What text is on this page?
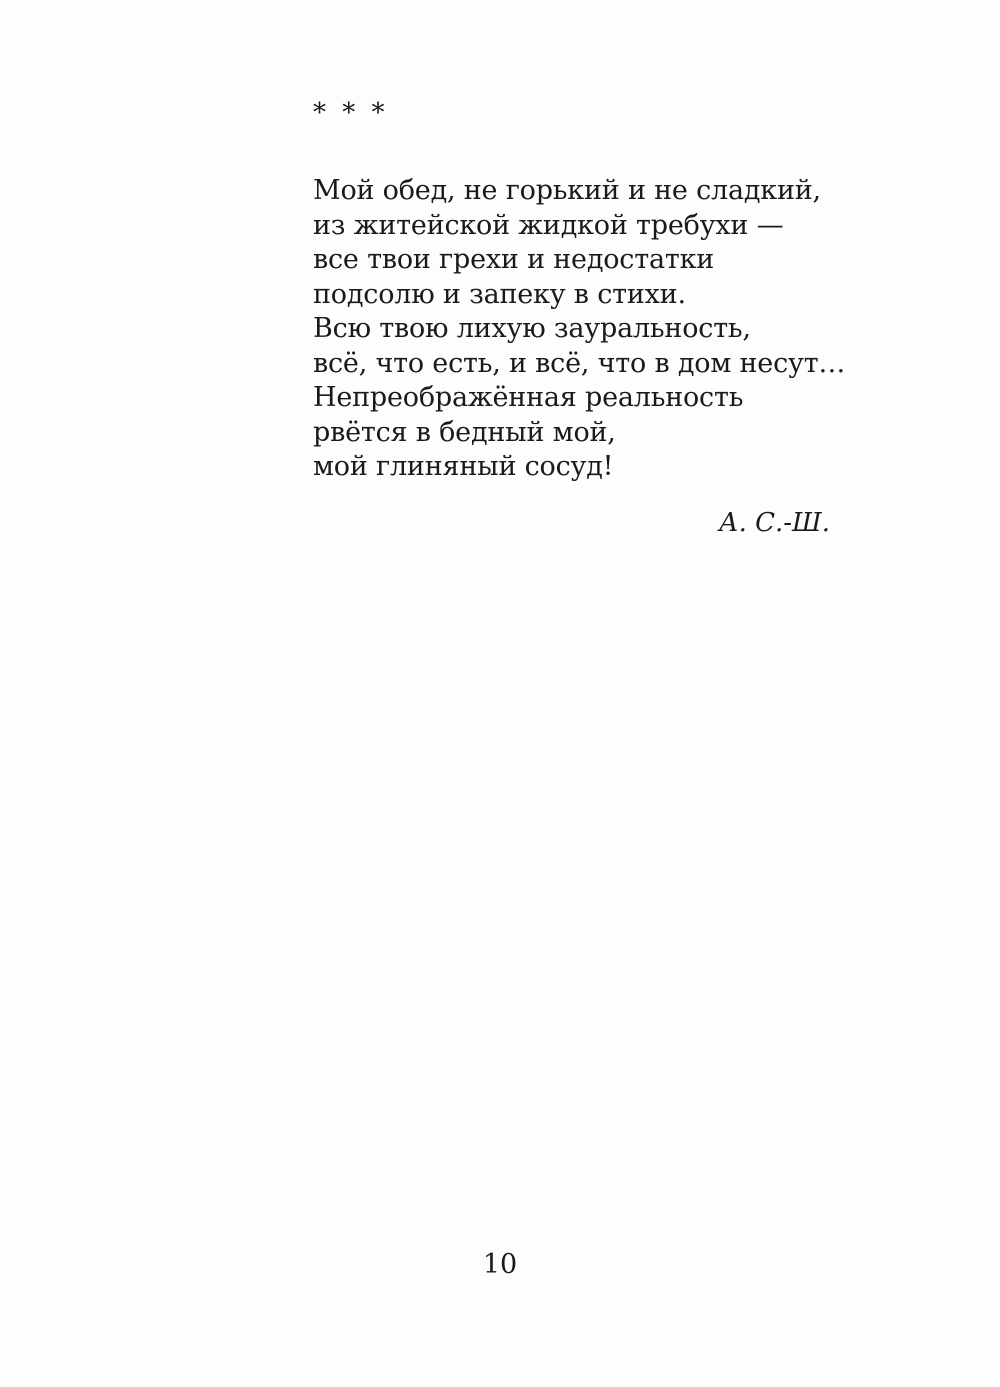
* * *
Мой обед, не горький и не сладкий,
из житейской жидкой требухи —
все твои грехи и недостатки
подсолю и запеку в стихи.
Всю твою лихую зауральность,
всё, что есть, и всё, что в дом несут…
Непреображённая реальность
рвётся в бедный мой,
мой глиняный сосуд!
А. С.-Ш.
10
